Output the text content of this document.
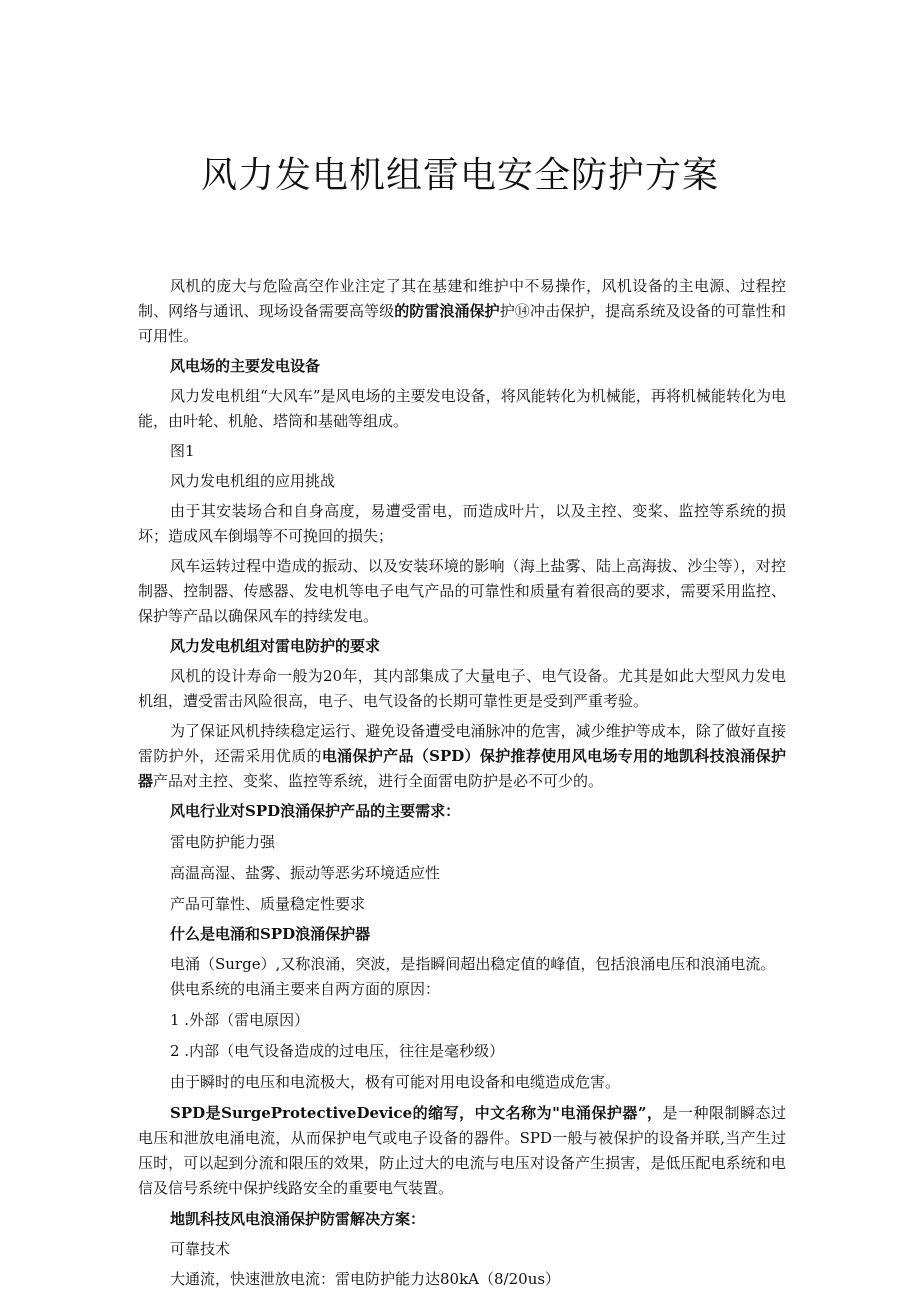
风力发电机组雷电安全防护方案

风机的庞大与危险高空作业注定了其在基建和维护中不易操作，风机设备的主电源、过程控制、网络与通讯、现场设备需要高等级的防雷浪涌保护护⑭冲击保护，提高系统及设备的可靠性和可用性。

风电场的主要发电设备

风力发电机组“大风车”是风电场的主要发电设备，将风能转化为机械能，再将机械能转化为电能，由叶轮、机舱、塔筒和基础等组成。

图1

风力发电机组的应用挑战

由于其安装场合和自身高度，易遭受雷电，而造成叶片，以及主控、变桨、监控等系统的损坏；造成风车倒塌等不可挽回的损失；

风车运转过程中造成的振动、以及安装环境的影响（海上盐雾、陆上高海拔、沙尘等），对控制器、控制器、传感器、发电机等电子电气产品的可靠性和质量有着很高的要求，需要采用监控、保护等产品以确保风车的持续发电。

风力发电机组对雷电防护的要求

风机的设计寿命一般为20年，其内部集成了大量电子、电气设备。尤其是如此大型风力发电机组，遭受雷击风险很高，电子、电气设备的长期可靠性更是受到严重考验。

为了保证风机持续稳定运行、避免设备遭受电涌脉冲的危害，减少维护等成本，除了做好直接雷防护外，还需采用优质的电涌保护产品（SPD）保护推荐使用风电场专用的地凯科技浪涌保护器产品对主控、变桨、监控等系统，进行全面雷电防护是必不可少的。

风电行业对SPD浪涌保护产品的主要需求：

雷电防护能力强

高温高湿、盐雾、振动等恶劣环境适应性

产品可靠性、质量稳定性要求

什么是电涌和SPD浪涌保护器

电涌（Surge）,又称浪涌，突波，是指瞬间超出稳定值的峰值，包括浪涌电压和浪涌电流。

供电系统的电涌主要来自两方面的原因：

1 .外部（雷电原因）

2 .内部（电气设备造成的过电压，往往是毫秒级）

由于瞬时的电压和电流极大，极有可能对用电设备和电缆造成危害。

SPD是SurgeProtectiveDevice的缩写，中文名称为"电涌保护器”，是一种限制瞬态过电压和泄放电涌电流，从而保护电气或电子设备的器件。SPD一般与被保护的设备并联,当产生过压时，可以起到分流和限压的效果，防止过大的电流与电压对设备产生损害，是低压配电系统和电信及信号系统中保护线路安全的重要电气装置。

地凯科技风电浪涌保护防雷解决方案：

可靠技术

大通流，快速泄放电流：雷电防护能力达80kA（8/20us）
